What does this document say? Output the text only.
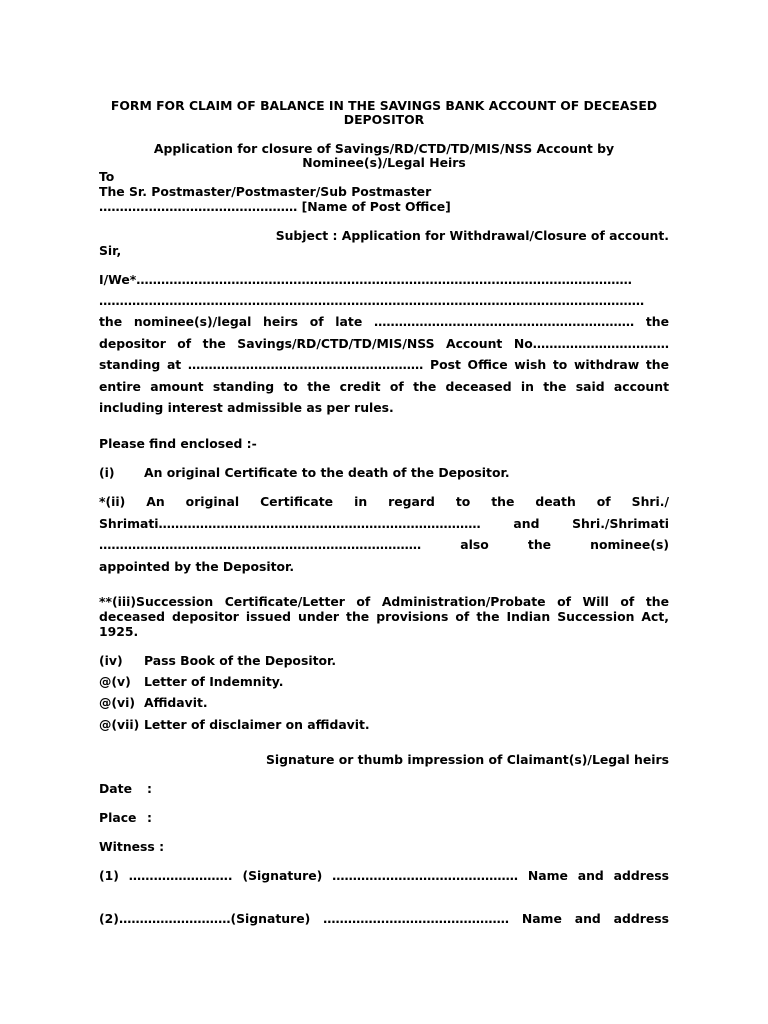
FORM FOR CLAIM OF BALANCE IN THE SAVINGS BANK ACCOUNT OF DECEASED
DEPOSITOR
Application for closure of Savings/RD/CTD/TD/MIS/NSS Account by
Nominee(s)/Legal Heirs
To
The Sr. Postmaster/Postmaster/Sub Postmaster
………………………………………… [Name of Post Office]
Subject : Application for Withdrawal/Closure of account.
Sir,
I/We*…………………………………………………………………………………………………………
……………………………………………………………………………………………………………………
the nominee(s)/legal heirs of late ……………………………………………………… the
depositor of the Savings/RD/CTD/TD/MIS/NSS Account No……………………………
standing at ………………………………………………… Post Office wish to withdraw the
entire amount standing to the credit of the deceased in the said account
including interest admissible as per rules.
Please find enclosed :-
(i) An original Certificate to the death of the Depositor.
*(ii) An original Certificate in regard to the death of Shri./
Shrimati…………………………………………………………………… and Shri./Shrimati
…………………………………………………………………… also the nominee(s)
appointed by the Depositor.
**(iii)Succession Certificate/Letter of Administration/Probate of Will of the deceased depositor issued under the provisions of the Indian Succession Act, 1925.
(iv) Pass Book of the Depositor.
@(v) Letter of Indemnity.
@(vi) Affidavit.
@(vii) Letter of disclaimer on affidavit.
Signature or thumb impression of Claimant(s)/Legal heirs
Date :
Place :
Witness :
(1) ……………………. (Signature) ……………………………………… Name and address
(2)………………………(Signature) ……………………………………… Name and address
